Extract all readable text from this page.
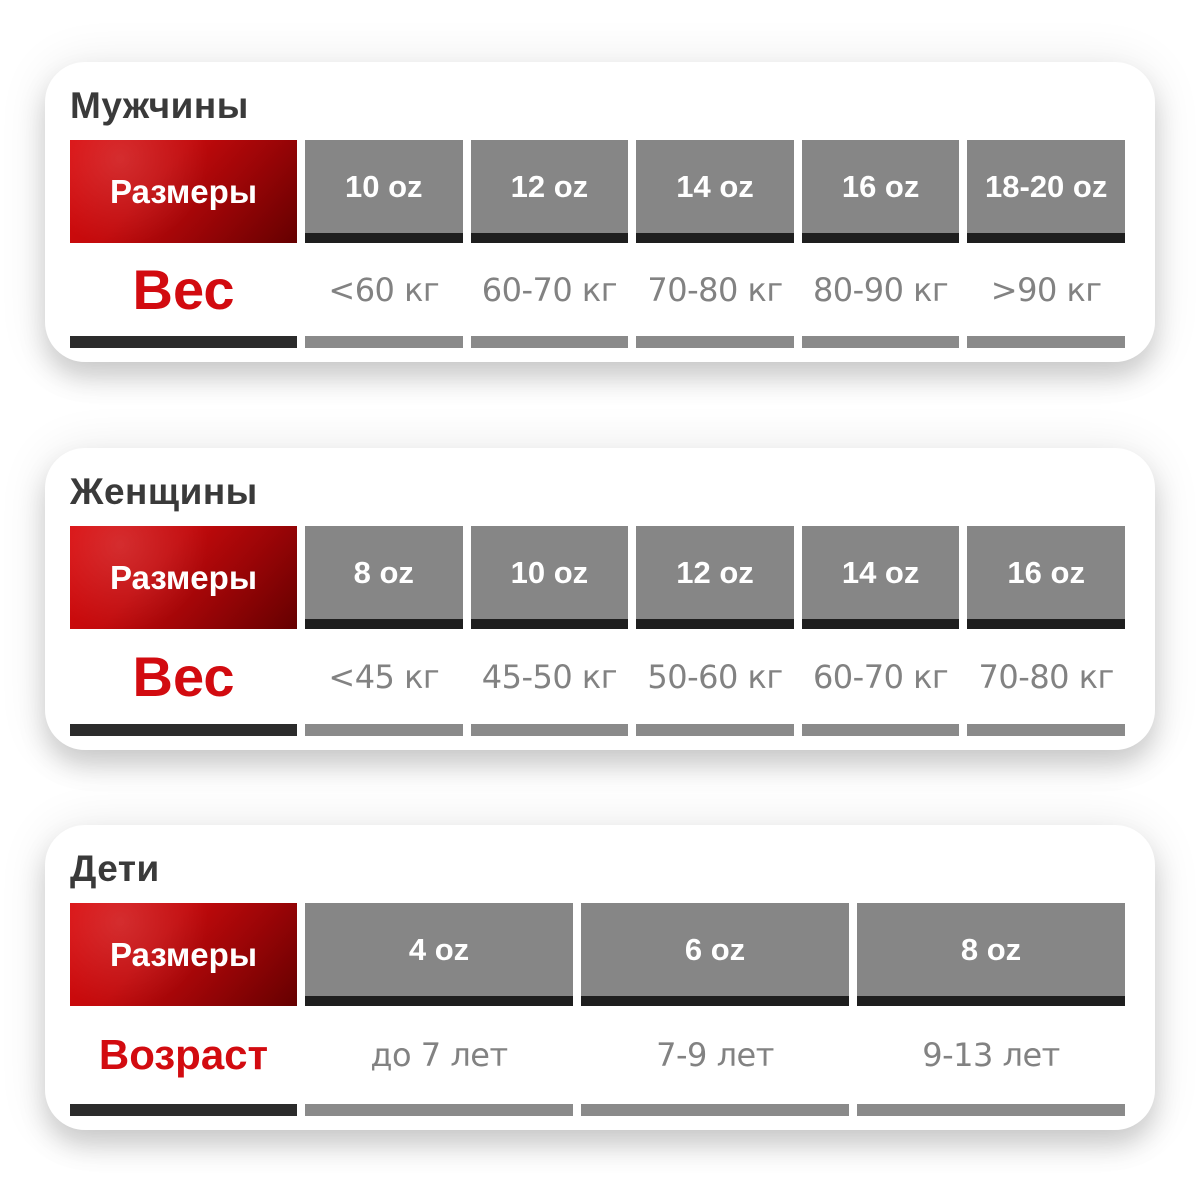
Мужчины
Размеры	10 oz	12 oz	14 oz	16 oz	18-20 oz
Вес	<60 кг	60-70 кг 70-80 кг 80-90 кг	>90 кг
Женщины
Размеры	8 oz	10 oz	12 oz	14 oz	16 oz
Вес	<45 кг	45-50 кг 50-60 кг 60-70 кг 70-80 кг
Дети
Размеры	4 oz	6 oz	8 oz
Возраст	до 7 лет	7-9 лет	9-13 лет
